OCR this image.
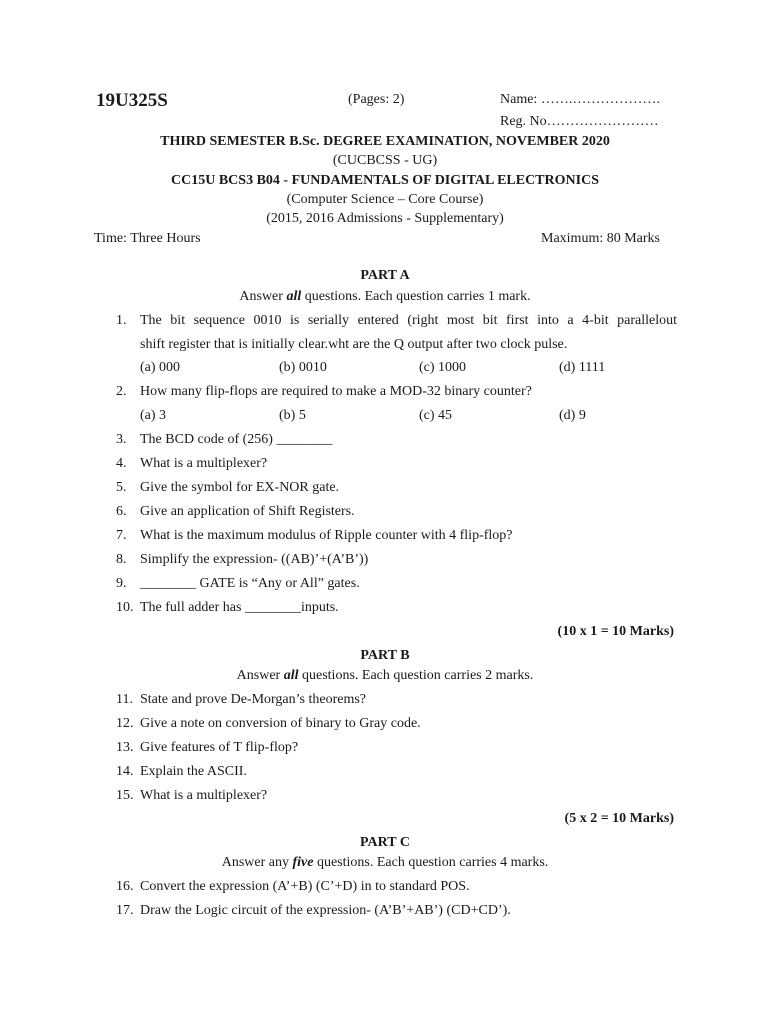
19U325S	(Pages: 2)	Name: …….……………….
Reg. No……………………
THIRD SEMESTER B.Sc. DEGREE EXAMINATION, NOVEMBER 2020
(CUCBCSS - UG)
CC15U BCS3 B04 - FUNDAMENTALS OF DIGITAL ELECTRONICS
(Computer Science – Core Course)
(2015, 2016 Admissions - Supplementary)
Time: Three Hours	Maximum: 80 Marks
PART A
Answer all questions. Each question carries 1 mark.
1. The bit sequence 0010 is serially entered (right most bit first into a 4-bit parallelout
shift register that is initially clear.wht are the Q output after two clock pulse.
(a) 000	(b) 0010	(c) 1000	(d) 1111
2. How many flip-flops are required to make a MOD-32 binary counter?
(a) 3	(b) 5	(c) 45	(d) 9
3. The BCD code of (256) ________
4. What is a multiplexer?
5. Give the symbol for EX-NOR gate.
6. Give an application of Shift Registers.
7. What is the maximum modulus of Ripple counter with 4 flip-flop?
8. Simplify the expression- ((AB)’+(A’B’))
9. ________ GATE is “Any or All” gates.
10. The full adder has ________inputs.
(10 x 1 = 10 Marks)
PART B
Answer all questions. Each question carries 2 marks.
11. State and prove De-Morgan’s theorems?
12. Give a note on conversion of binary to Gray code.
13. Give features of T flip-flop?
14. Explain the ASCII.
15. What is a multiplexer?
(5 x 2 = 10 Marks)
PART C
Answer any five questions. Each question carries 4 marks.
16. Convert the expression (A’+B) (C’+D) in to standard POS.
17. Draw the Logic circuit of the expression- (A’B’+AB’) (CD+CD’).
